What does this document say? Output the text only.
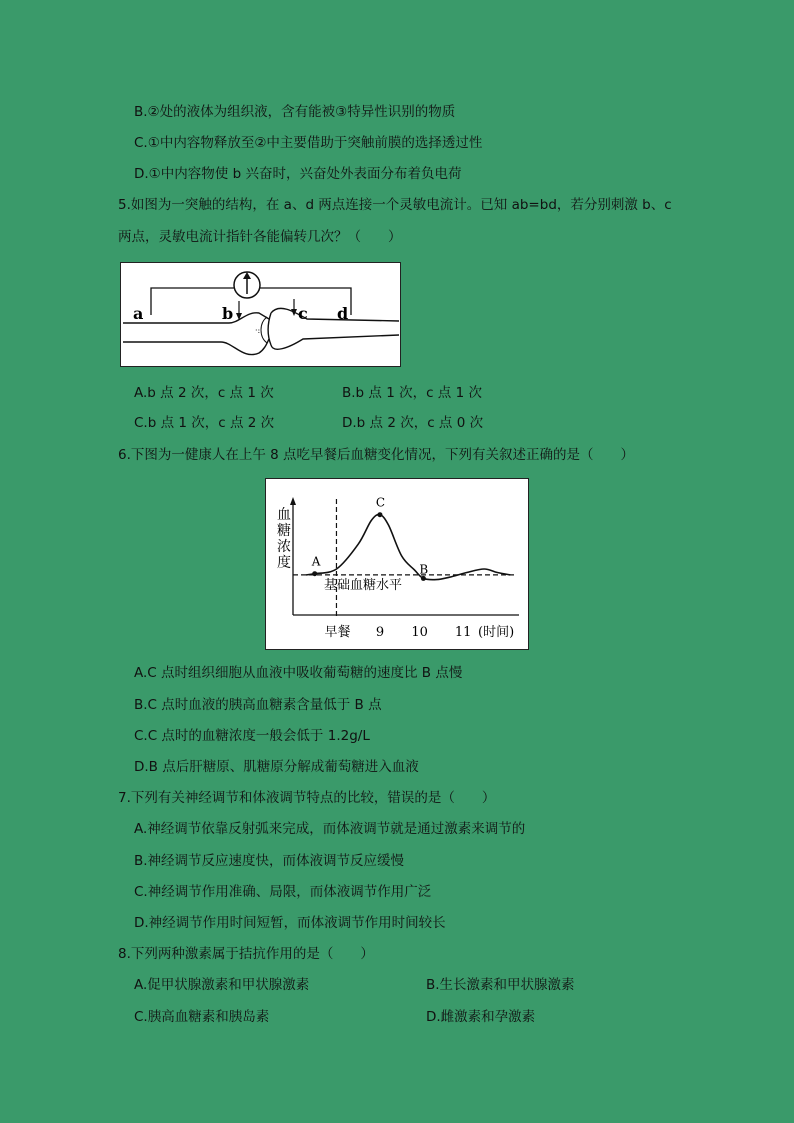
B.②处的液体为组织液，含有能被③特异性识别的物质
C.①中内容物释放至②中主要借助于突触前膜的选择透过性
D.①中内容物使 b 兴奋时，兴奋处外表面分布着负电荷
5.如图为一突触的结构，在 a、d 两点连接一个灵敏电流计。已知 ab=bd，若分别刺激 b、c
两点，灵敏电流计指针各能偏转几次？（　　）
·:
a	b	c d
A.b 点 2 次，c 点 1 次	B.b 点 1 次，c 点 1 次
C.b 点 1 次，c 点 2 次	D.b 点 2 次，c 点 0 次
6.下图为一健康人在上午 8 点吃早餐后血糖变化情况，下列有关叙述正确的是（　　）
血
糖
浓
度 A
C
B
早餐 9 10 11
基础血糖水平
(时间)
A.C 点时组织细胞从血液中吸收葡萄糖的速度比 B 点慢
B.C 点时血液的胰高血糖素含量低于 B 点
C.C 点时的血糖浓度一般会低于 1.2g/L
D.B 点后肝糖原、肌糖原分解成葡萄糖进入血液
7.下列有关神经调节和体液调节特点的比较，错误的是（　　）
A.神经调节依靠反射弧来完成，而体液调节就是通过激素来调节的
B.神经调节反应速度快，而体液调节反应缓慢
C.神经调节作用准确、局限，而体液调节作用广泛
D.神经调节作用时间短暂，而体液调节作用时间较长
8.下列两种激素属于拮抗作用的是（　　）
A.促甲状腺激素和甲状腺激素	B.生长激素和甲状腺激素
C.胰高血糖素和胰岛素	D.雌激素和孕激素
